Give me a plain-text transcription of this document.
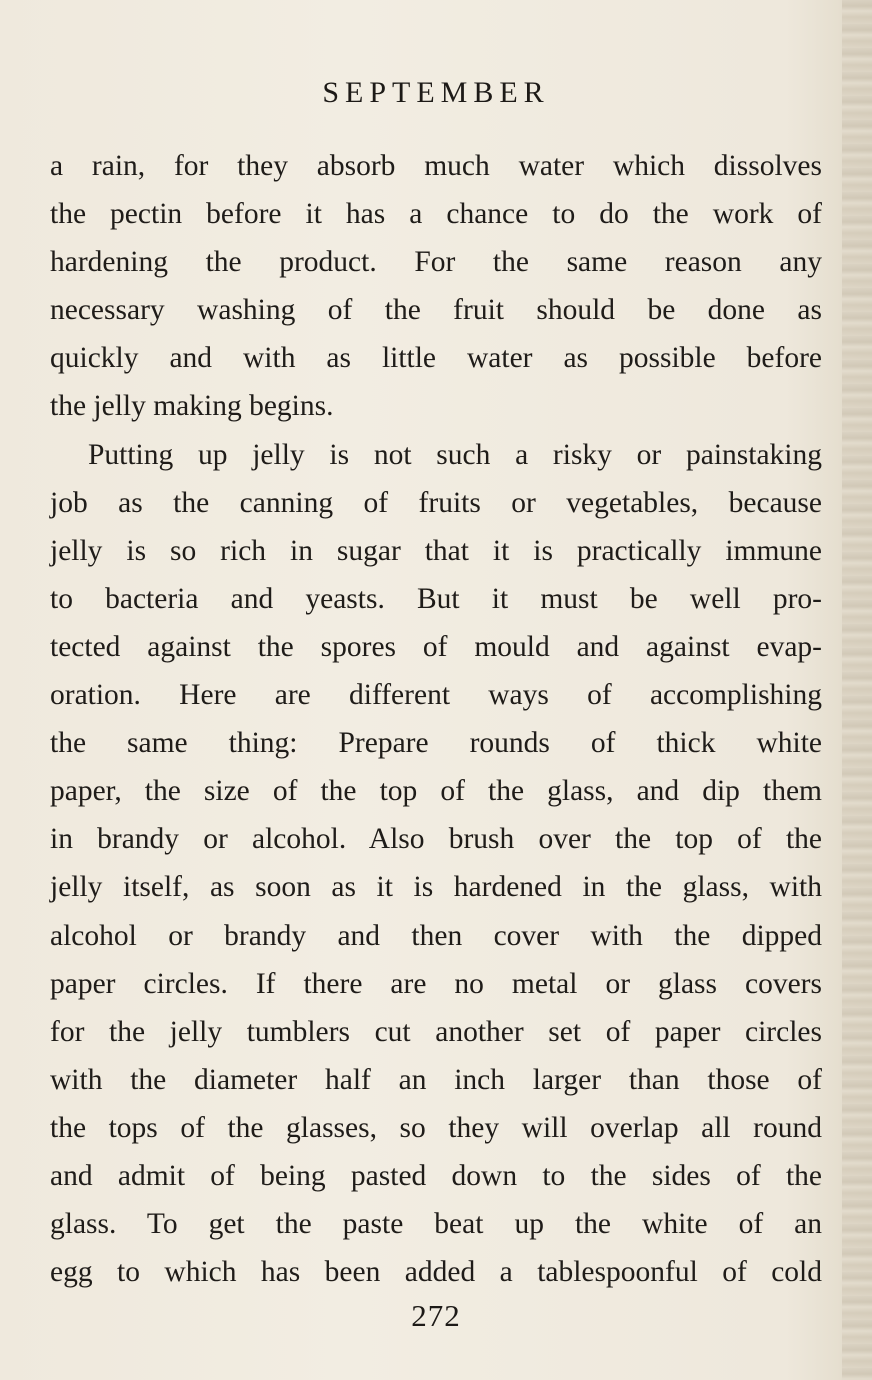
SEPTEMBER
a rain, for they absorb much water which dissolves
the pectin before it has a chance to do the work of
hardening the product. For the same reason any
necessary washing of the fruit should be done as
quickly and with as little water as possible before
the jelly making begins.
Putting up jelly is not such a risky or painstaking
job as the canning of fruits or vegetables, because
jelly is so rich in sugar that it is practically immune
to bacteria and yeasts. But it must be well pro-
tected against the spores of mould and against evap-
oration. Here are different ways of accomplishing
the same thing: Prepare rounds of thick white
paper, the size of the top of the glass, and dip them
in brandy or alcohol. Also brush over the top of the
jelly itself, as soon as it is hardened in the glass, with
alcohol or brandy and then cover with the dipped
paper circles. If there are no metal or glass covers
for the jelly tumblers cut another set of paper circles
with the diameter half an inch larger than those of
the tops of the glasses, so they will overlap all round
and admit of being pasted down to the sides of the
glass. To get the paste beat up the white of an
egg to which has been added a tablespoonful of cold
272
